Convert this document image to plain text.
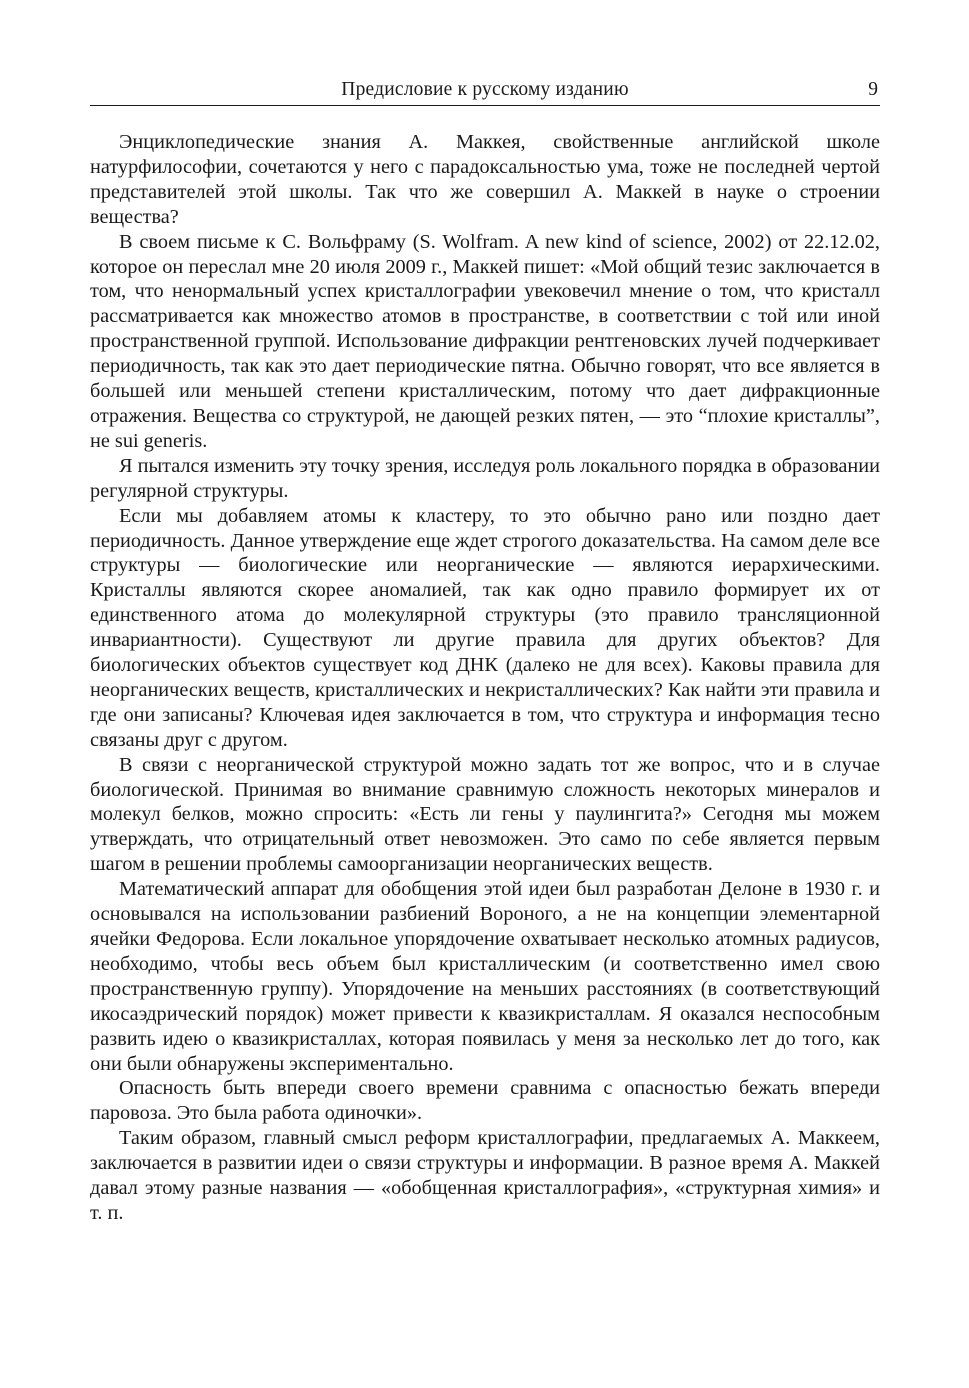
Предисловие к русскому изданию	9

Энциклопедические знания А. Маккея, свойственные английской школе натурфилософии, сочетаются у него с парадоксальностью ума, тоже не последней чертой представителей этой школы. Так что же совершил А. Маккей в науке о строении вещества?

В своем письме к С. Вольфраму (S. Wolfram. A new kind of science, 2002) от 22.12.02, которое он переслал мне 20 июля 2009 г., Маккей пишет: «Мой общий тезис заключается в том, что ненормальный успех кристаллографии увековечил мнение о том, что кристалл рассматривается как множество атомов в пространстве, в соответствии с той или иной пространственной группой. Использование дифракции рентгеновских лучей подчеркивает периодичность, так как это дает периодические пятна. Обычно говорят, что все является в большей или меньшей степени кристаллическим, потому что дает дифракционные отражения. Вещества со структурой, не дающей резких пятен, — это “плохие кристаллы”, не sui generis.

Я пытался изменить эту точку зрения, исследуя роль локального порядка в образовании регулярной структуры.

Если мы добавляем атомы к кластеру, то это обычно рано или поздно дает периодичность. Данное утверждение еще ждет строгого доказательства. На самом деле все структуры — биологические или неорганические — являются иерархическими. Кристаллы являются скорее аномалией, так как одно правило формирует их от единственного атома до молекулярной структуры (это правило трансляционной инвариантности). Существуют ли другие правила для других объектов? Для биологических объектов существует код ДНК (далеко не для всех). Каковы правила для неорганических веществ, кристаллических и некристаллических? Как найти эти правила и где они записаны? Ключевая идея заключается в том, что структура и информация тесно связаны друг с другом.

В связи с неорганической структурой можно задать тот же вопрос, что и в случае биологической. Принимая во внимание сравнимую сложность некоторых минералов и молекул белков, можно спросить: «Есть ли гены у паулингита?» Сегодня мы можем утверждать, что отрицательный ответ невозможен. Это само по себе является первым шагом в решении проблемы самоорганизации неорганических веществ.

Математический аппарат для обобщения этой идеи был разработан Делоне в 1930 г. и основывался на использовании разбиений Вороного, а не на концепции элементарной ячейки Федорова. Если локальное упорядочение охватывает несколько атомных радиусов, необходимо, чтобы весь объем был кристаллическим (и соответственно имел свою пространственную группу). Упорядочение на меньших расстояниях (в соответствующий икосаэдрический порядок) может привести к квазикристаллам. Я оказался неспособным развить идею о квазикристаллах, которая появилась у меня за несколько лет до того, как они были обнаружены экспериментально.

Опасность быть впереди своего времени сравнима с опасностью бежать впереди паровоза. Это была работа одиночки».

Таким образом, главный смысл реформ кристаллографии, предлагаемых А. Маккеем, заключается в развитии идеи о связи структуры и информации. В разное время А. Маккей давал этому разные названия — «обобщенная кристаллография», «структурная химия» и т. п.
